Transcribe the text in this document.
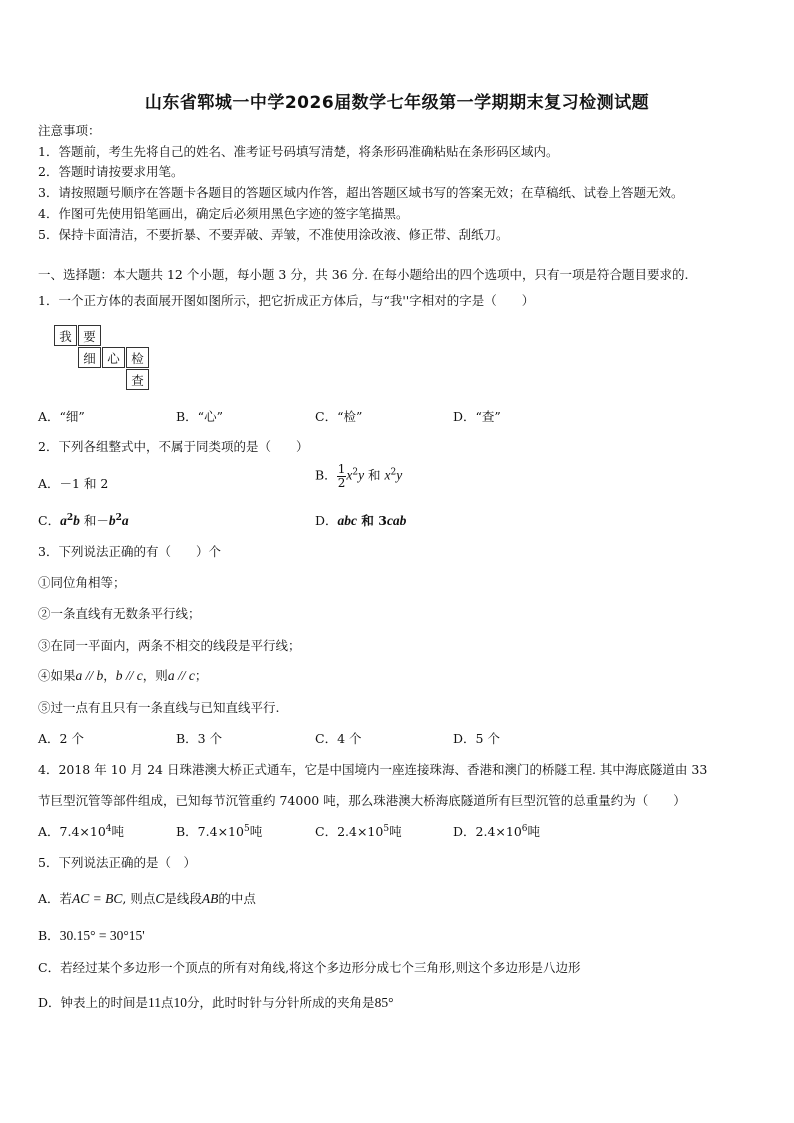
山东省郓城一中学2026届数学七年级第一学期期末复习检测试题
注意事项：
1．答题前，考生先将自己的姓名、准考证号码填写清楚，将条形码准确粘贴在条形码区域内。
2．答题时请按要求用笔。
3．请按照题号顺序在答题卡各题目的答题区域内作答，超出答题区域书写的答案无效；在草稿纸、试卷上答题无效。
4．作图可先使用铅笔画出，确定后必须用黑色字迹的签字笔描黑。
5．保持卡面清洁，不要折暴、不要弄破、弄皱，不准使用涂改液、修正带、刮纸刀。
一、选择题：本大题共 12 个小题，每小题 3 分，共 36 分. 在每小题给出的四个选项中，只有一项是符合题目要求的.
1．一个正方体的表面展开图如图所示，把它折成正方体后，与“我''字相对的字是（　　）
我 要
细 心 检
查
A．“细”	B．“心”	C．“检”	D．“查”
2．下列各组整式中，不属于同类项的是（　　）
A．－1 和 2
B． $\frac{1}{2} x^2y$ 和 $x^2y$
C．$a^2b$ 和$-b^2a$	D．abc 和 3cab
3．下列说法正确的有（　　）个
①同位角相等；
②一条直线有无数条平行线；
③在同一平面内，两条不相交的线段是平行线；
④如果a // b，b // c，则a // c；
⑤过一点有且只有一条直线与已知直线平行.
A．2 个	B．3 个	C．4 个	D．5 个
4．2018 年 10 月 24 日珠港澳大桥正式通车，它是中国境内一座连接珠海、香港和澳门的桥隧工程. 其中海底隧道由 33
节巨型沉管等部件组成，已知每节沉管重约 74000 吨，那么珠港澳大桥海底隧道所有巨型沉管的总重量约为（　　）
A．$7.4\times 10^4$吨	B．$7.4\times 10^5$吨	C．$2.4\times 10^5$吨	D．$2.4\times 10^6$吨
5．下列说法正确的是（　）
A．若AC = BC, 则点C是线段AB的中点
B．30.15° = 30°15'
C．若经过某个多边形一个顶点的所有对角线,将这个多边形分成七个三角形,则这个多边形是八边形
D．钟表上的时间是11点10分，此时时针与分针所成的夹角是85°
